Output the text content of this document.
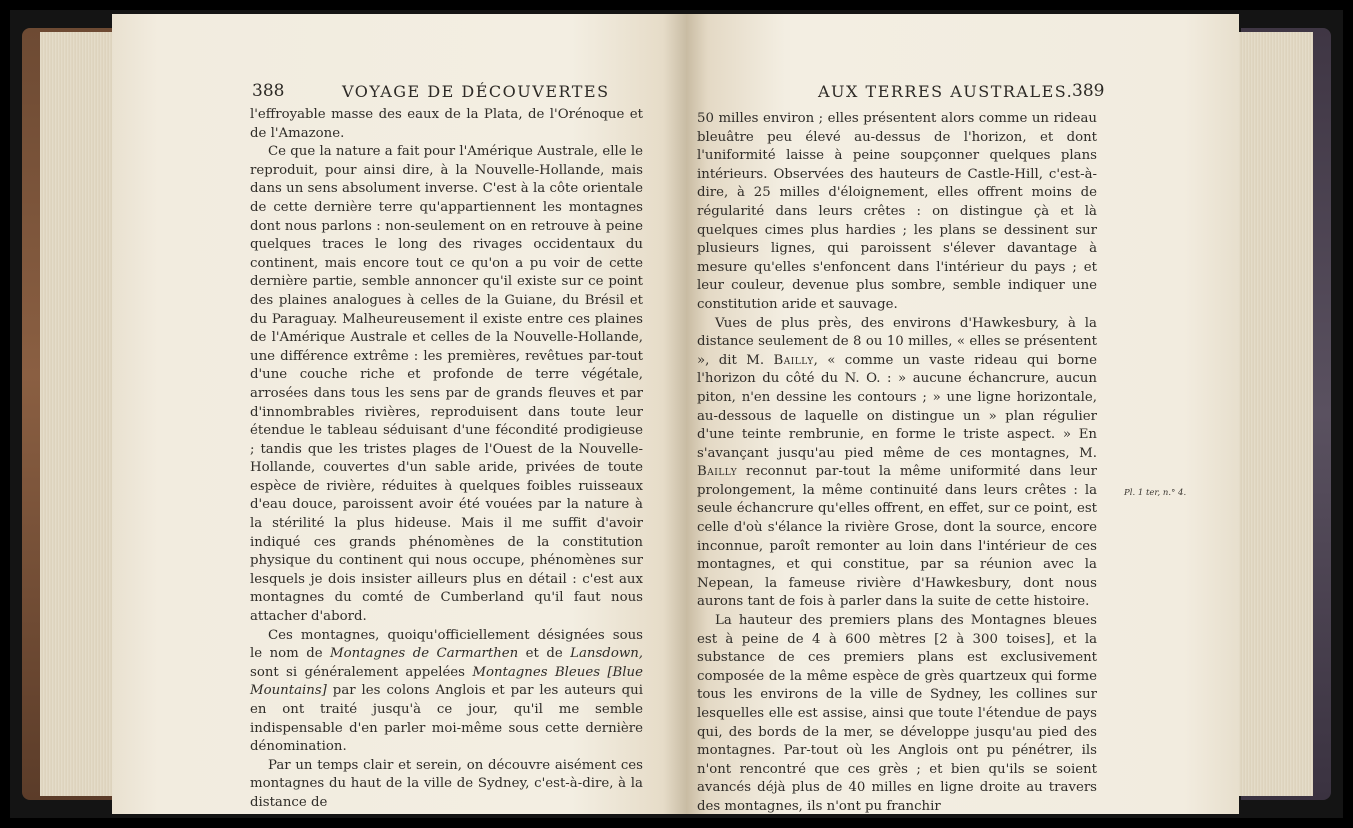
388	VOYAGE DE DÉCOUVERTES

l'effroyable masse des eaux de la Plata, de l'Orénoque et de l'Amazone.

Ce que la nature a fait pour l'Amérique Australe, elle le reproduit, pour ainsi dire, à la Nouvelle-Hollande, mais dans un sens absolument inverse. C'est à la côte orientale de cette dernière terre qu'appartiennent les montagnes dont nous parlons : non-seulement on en retrouve à peine quelques traces le long des rivages occidentaux du continent, mais encore tout ce qu'on a pu voir de cette dernière partie, semble annoncer qu'il existe sur ce point des plaines analogues à celles de la Guiane, du Brésil et du Paraguay. Malheureusement il existe entre ces plaines de l'Amérique Australe et celles de la Nouvelle-Hollande, une différence extrême : les premières, revêtues par-tout d'une couche riche et profonde de terre végétale, arrosées dans tous les sens par de grands fleuves et par d'innombrables rivières, reproduisent dans toute leur étendue le tableau séduisant d'une fécondité prodigieuse ; tandis que les tristes plages de l'Ouest de la Nouvelle-Hollande, couvertes d'un sable aride, privées de toute espèce de rivière, réduites à quelques foibles ruisseaux d'eau douce, paroissent avoir été vouées par la nature à la stérilité la plus hideuse. Mais il me suffit d'avoir indiqué ces grands phénomènes de la constitution physique du continent qui nous occupe, phénomènes sur lesquels je dois insister ailleurs plus en détail : c'est aux montagnes du comté de Cumberland qu'il faut nous attacher d'abord.

Ces montagnes, quoiqu'officiellement désignées sous le nom de Montagnes de Carmarthen et de Lansdown, sont si généralement appelées Montagnes Bleues [Blue Mountains] par les colons Anglois et par les auteurs qui en ont traité jusqu'à ce jour, qu'il me semble indispensable d'en parler moi-même sous cette dernière dénomination.

Par un temps clair et serein, on découvre aisément ces montagnes du haut de la ville de Sydney, c'est-à-dire, à la distance de

AUX TERRES AUSTRALES.
389

50 milles environ ; elles présentent alors comme un rideau bleuâtre peu élevé au-dessus de l'horizon, et dont l'uniformité laisse à peine soupçonner quelques plans intérieurs. Observées des hauteurs de Castle-Hill, c'est-à-dire, à 25 milles d'éloignement, elles offrent moins de régularité dans leurs crêtes : on distingue çà et là quelques cimes plus hardies ; les plans se dessinent sur plusieurs lignes, qui paroissent s'élever davantage à mesure qu'elles s'enfoncent dans l'intérieur du pays ; et leur couleur, devenue plus sombre, semble indiquer une constitution aride et sauvage.

Vues de plus près, des environs d'Hawkesbury, à la distance seulement de 8 ou 10 milles, « elles se présentent », dit M. Bailly, « comme un vaste rideau qui borne l'horizon du côté du N. O. : » aucune échancrure, aucun piton, n'en dessine les contours ; » une ligne horizontale, au-dessous de laquelle on distingue un » plan régulier d'une teinte rembrunie, en forme le triste aspect. » En s'avançant jusqu'au pied même de ces montagnes, M. Bailly reconnut par-tout la même uniformité dans leur prolongement, la même continuité dans leurs crêtes : la seule échancrure qu'elles offrent, en effet, sur ce point, est celle d'où s'élance la rivière Grose, dont la source, encore inconnue, paroît remonter au loin dans l'intérieur de ces montagnes, et qui constitue, par sa réunion avec la Nepean, la fameuse rivière d'Hawkesbury, dont nous aurons tant de fois à parler dans la suite de cette histoire.

La hauteur des premiers plans des Montagnes bleues est à peine de 4 à 600 mètres [2 à 300 toises], et la substance de ces premiers plans est exclusivement composée de la même espèce de grès quartzeux qui forme tous les environs de la ville de Sydney, les collines sur lesquelles elle est assise, ainsi que toute l'étendue de pays qui, des bords de la mer, se développe jusqu'au pied des montagnes. Par-tout où les Anglois ont pu pénétrer, ils n'ont rencontré que ces grès ; et bien qu'ils se soient avancés déjà plus de 40 milles en ligne droite au travers des montagnes, ils n'ont pu franchir

Pl. 1 ter, n.° 4.
